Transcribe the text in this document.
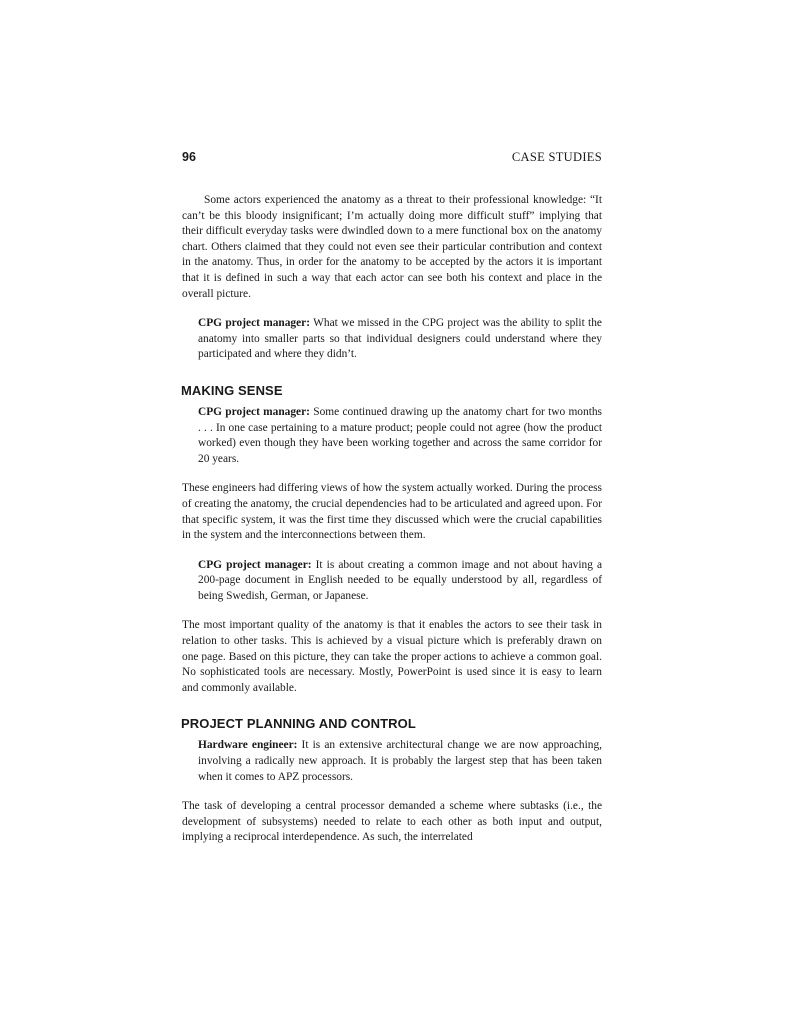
96	CASE STUDIES

Some actors experienced the anatomy as a threat to their professional knowledge: “It can’t be this bloody insignificant; I’m actually doing more difficult stuff” implying that their difficult everyday tasks were dwindled down to a mere functional box on the anatomy chart. Others claimed that they could not even see their particular contribution and context in the anatomy. Thus, in order for the anatomy to be accepted by the actors it is important that it is defined in such a way that each actor can see both his context and place in the overall picture.

CPG project manager: What we missed in the CPG project was the ability to split the anatomy into smaller parts so that individual designers could understand where they participated and where they didn’t.

MAKING SENSE

CPG project manager: Some continued drawing up the anatomy chart for two months . . . In one case pertaining to a mature product; people could not agree (how the product worked) even though they have been working together and across the same corridor for 20 years.

These engineers had differing views of how the system actually worked. During the process of creating the anatomy, the crucial dependencies had to be articulated and agreed upon. For that specific system, it was the first time they discussed which were the crucial capabilities in the system and the interconnections between them.

CPG project manager: It is about creating a common image and not about having a 200-page document in English needed to be equally understood by all, regardless of being Swedish, German, or Japanese.

The most important quality of the anatomy is that it enables the actors to see their task in relation to other tasks. This is achieved by a visual picture which is preferably drawn on one page. Based on this picture, they can take the proper actions to achieve a common goal. No sophisticated tools are necessary. Mostly, PowerPoint is used since it is easy to learn and commonly available.

PROJECT PLANNING AND CONTROL

Hardware engineer: It is an extensive architectural change we are now approaching, involving a radically new approach. It is probably the largest step that has been taken when it comes to APZ processors.

The task of developing a central processor demanded a scheme where subtasks (i.e., the development of subsystems) needed to relate to each other as both input and output, implying a reciprocal interdependence. As such, the interrelated
